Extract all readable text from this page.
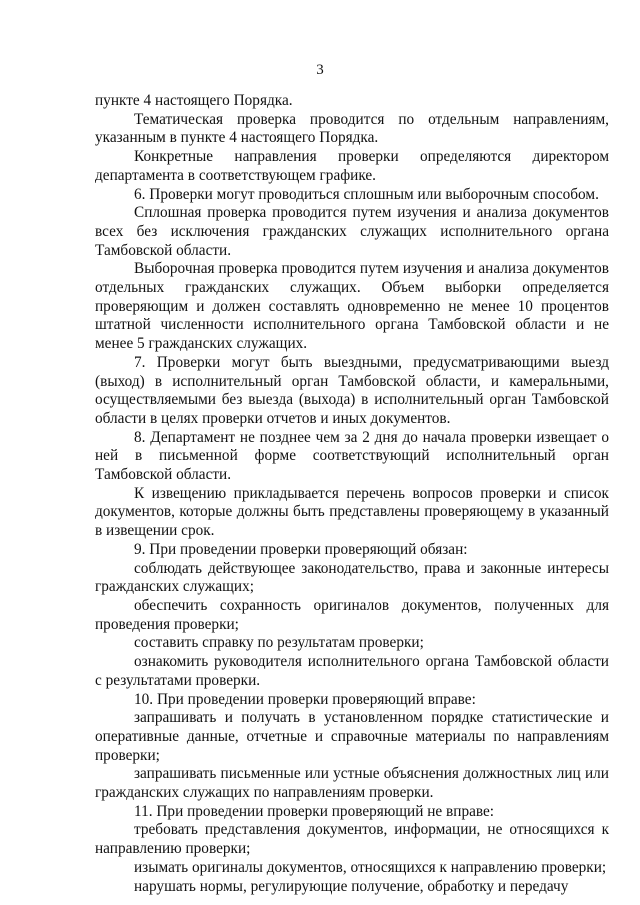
3

пункте 4 настоящего Порядка.

Тематическая проверка проводится по отдельным направлениям, указанным в пункте 4 настоящего Порядка.

Конкретные направления проверки определяются директором департамента в соответствующем графике.

6. Проверки могут проводиться сплошным или выборочным способом.

Сплошная проверка проводится путем изучения и анализа документов всех без исключения гражданских служащих исполнительного органа Тамбовской области.

Выборочная проверка проводится путем изучения и анализа документов отдельных гражданских служащих. Объем выборки определяется проверяющим и должен составлять одновременно не менее 10 процентов штатной численности исполнительного органа Тамбовской области и не менее 5 гражданских служащих.

7. Проверки могут быть выездными, предусматривающими выезд (выход) в исполнительный орган Тамбовской области, и камеральными, осуществляемыми без выезда (выхода) в исполнительный орган Тамбовской области в целях проверки отчетов и иных документов.

8. Департамент не позднее чем за 2 дня до начала проверки извещает о ней в письменной форме соответствующий исполнительный орган Тамбовской области.

К извещению прикладывается перечень вопросов проверки и список документов, которые должны быть представлены проверяющему в указанный в извещении срок.

9. При проведении проверки проверяющий обязан:

соблюдать действующее законодательство, права и законные интересы гражданских служащих;

обеспечить сохранность оригиналов документов, полученных для проведения проверки;

составить справку по результатам проверки;

ознакомить руководителя исполнительного органа Тамбовской области с результатами проверки.

10. При проведении проверки проверяющий вправе:

запрашивать и получать в установленном порядке статистические и оперативные данные, отчетные и справочные материалы по направлениям проверки;

запрашивать письменные или устные объяснения должностных лиц или гражданских служащих по направлениям проверки.

11. При проведении проверки проверяющий не вправе:

требовать представления документов, информации, не относящихся к направлению проверки;

изымать оригиналы документов, относящихся к направлению проверки;

нарушать нормы, регулирующие получение, обработку и передачу
